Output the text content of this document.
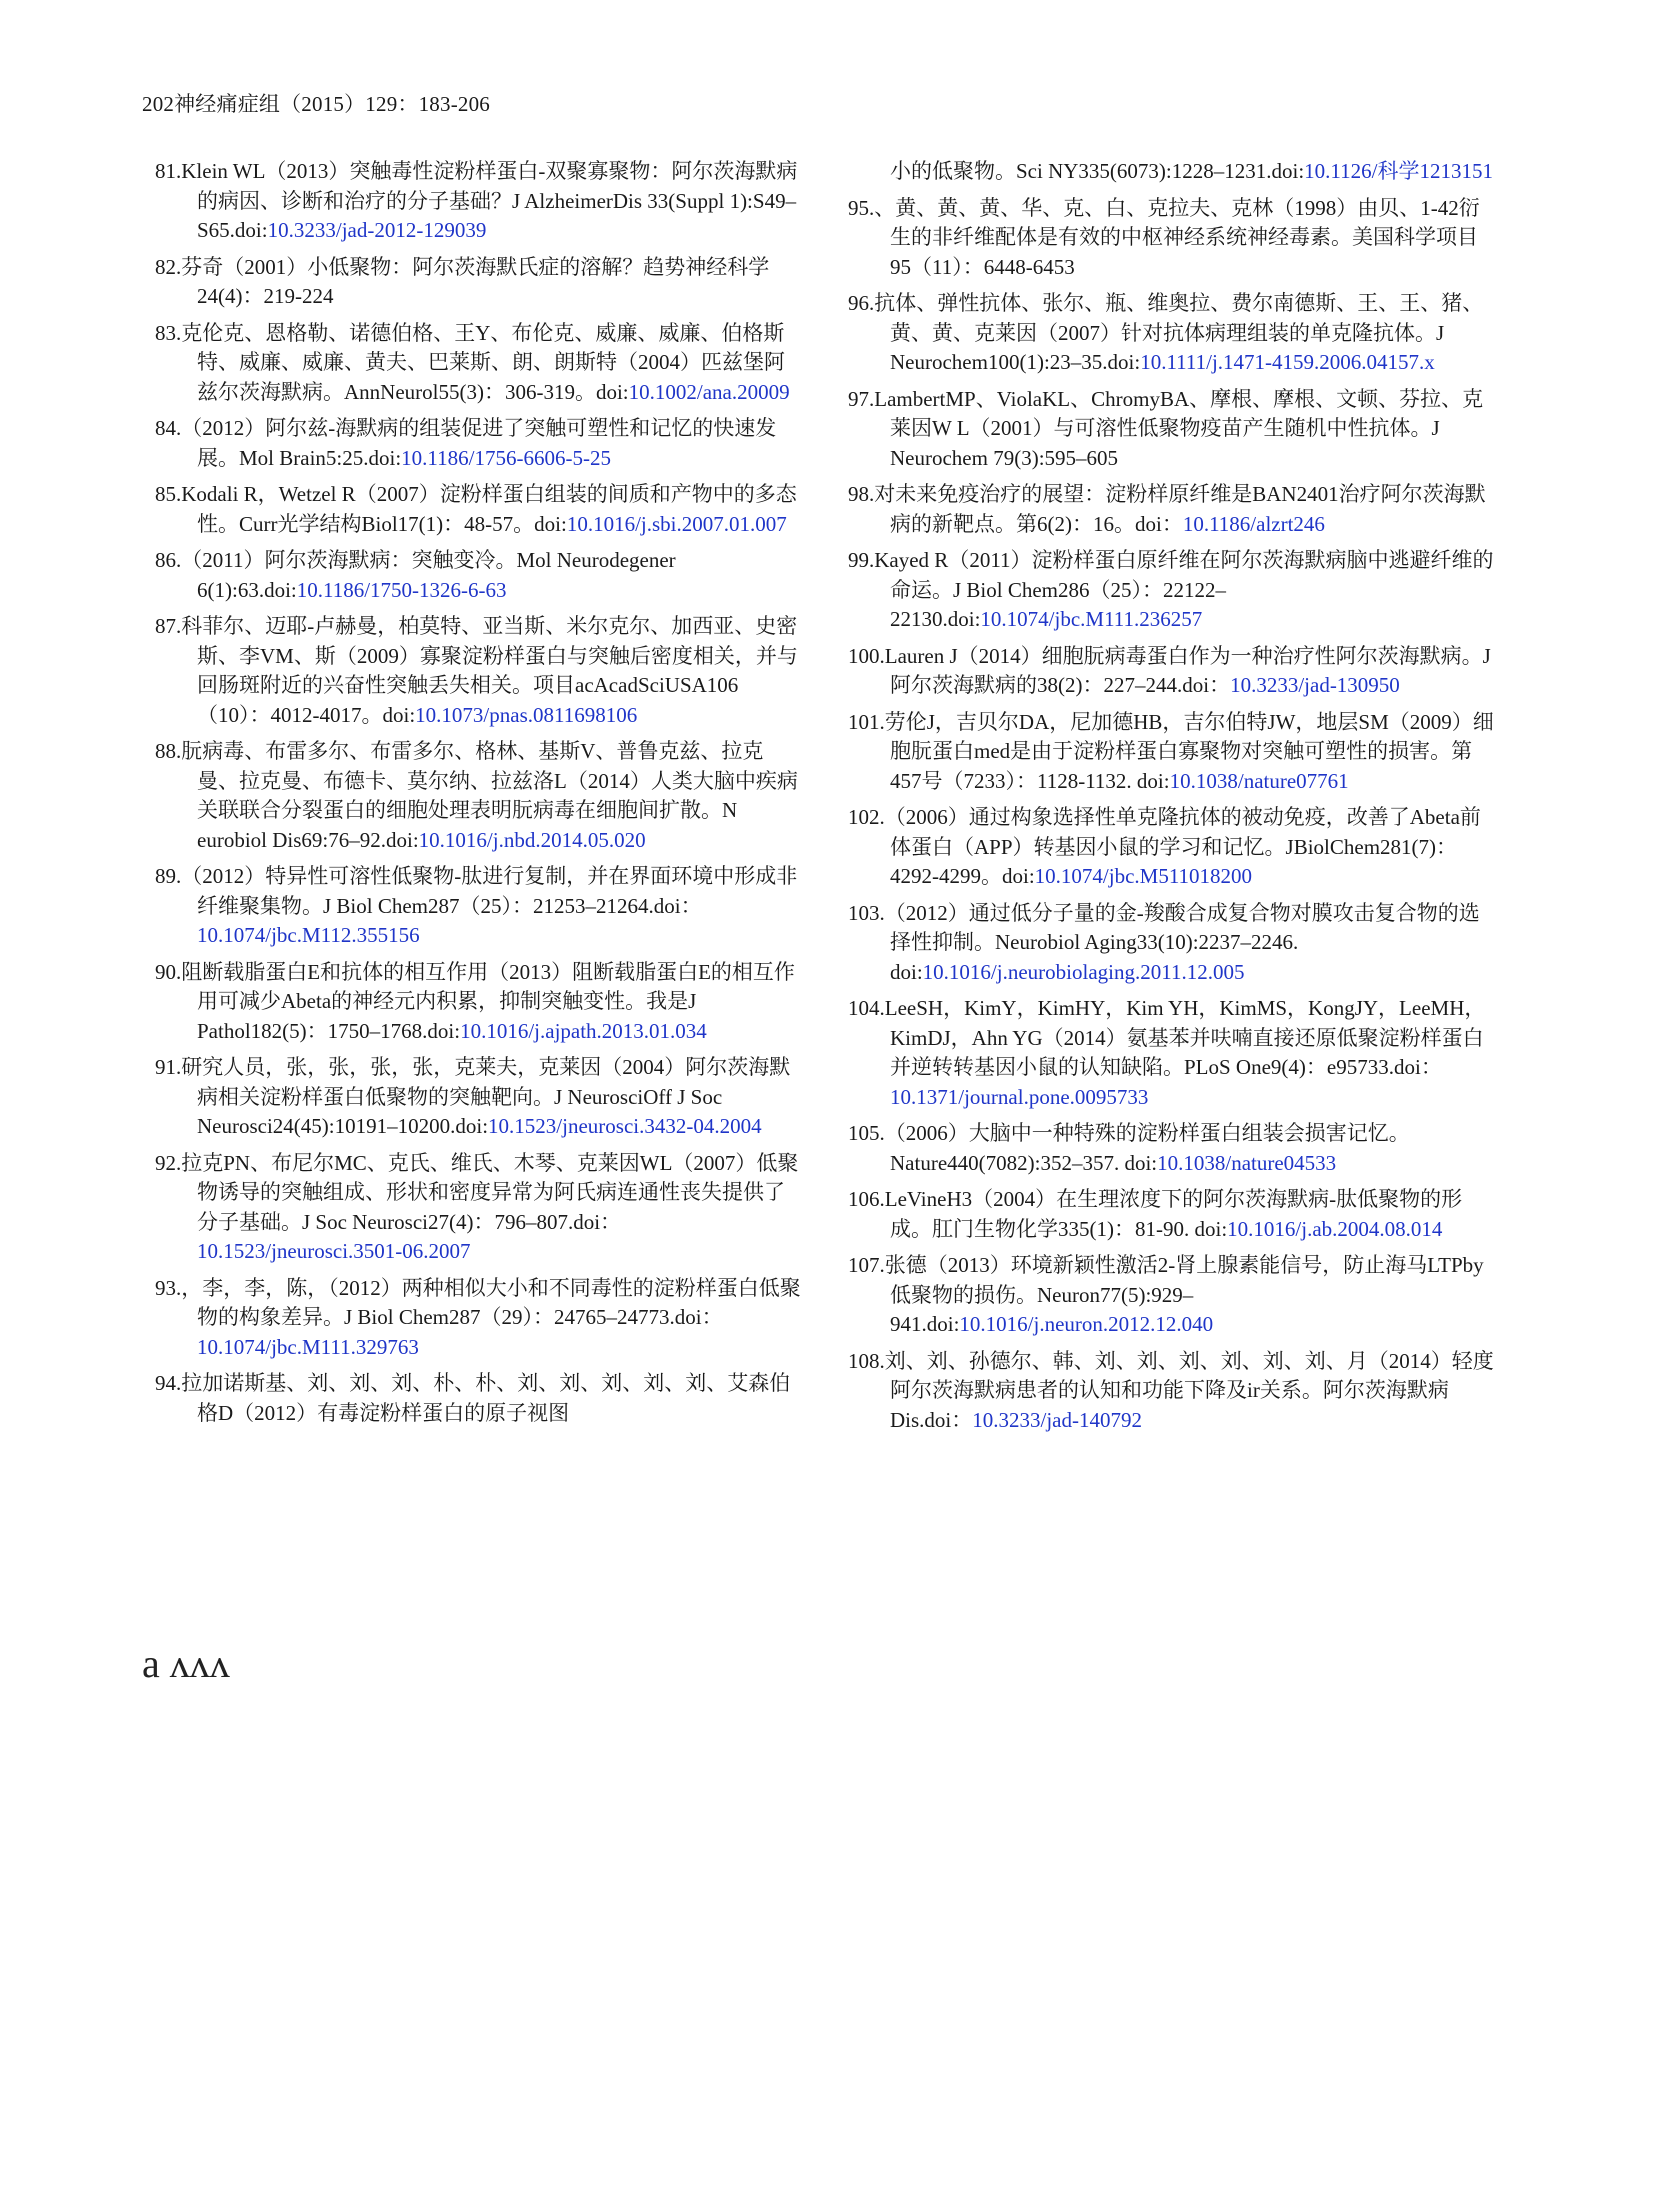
202神经痛症组（2015）129：183-206
81.Klein WL（2013）突触毒性淀粉样蛋白-双聚寡聚物：阿尔茨海默病的病因、诊断和治疗的分子基础？J AlzheimerDis 33(Suppl 1):S49–S65.doi:10.3233/jad-2012-129039
82.芬奇（2001）小低聚物：阿尔茨海默氏症的溶解？趋势神经科学24(4)：219-224
83.克伦克、恩格勒、诺德伯格、王Y、布伦克、威廉、威廉、伯格斯特、威廉、威廉、黄夫、巴莱斯、朗、朗斯特（2004）匹兹堡阿兹尔茨海默病。AnnNeurol55(3)：306-319。doi:10.1002/ana.20009
84.（2012）阿尔兹-海默病的组装促进了突触可塑性和记忆的快速发展。Mol Brain5:25.doi:10.1186/1756-6606-5-25
85.Kodali R，Wetzel R（2007）淀粉样蛋白组装的间质和产物中的多态性。Curr光学结构Biol17(1)：48-57。doi:10.1016/j.sbi.2007.01.007
86.（2011）阿尔茨海默病：突触变冷。Mol Neurodegener 6(1):63.doi:10.1186/1750-1326-6-63
87.科菲尔、迈耶-卢赫曼，柏莫特、亚当斯、米尔克尔、加西亚、史密斯、李VM、斯（2009）寡聚淀粉样蛋白与突触后密度相关，并与回肠斑附近的兴奋性突触丢失相关。项目acAcadSciUSA106（10）：4012-4017。doi:10.1073/pnas.0811698106
88.朊病毒、布雷多尔、布雷多尔、格林、基斯V、普鲁克兹、拉克曼、拉克曼、布德卡、莫尔纳、拉兹洛L（2014）人类大脑中疾病关联联合分裂蛋白的细胞处理表明朊病毒在细胞间扩散。N eurobiol Dis69:76–92.doi:10.1016/j.nbd.2014.05.020
89.（2012）特异性可溶性低聚物-肽进行复制，并在界面环境中形成非纤维聚集物。J Biol Chem287（25）：21253–21264.doi：10.1074/jbc.M112.355156
90.阻断载脂蛋白E和抗体的相互作用（2013）阻断载脂蛋白E的相互作用可减少Abeta的神经元内积累，抑制突触变性。我是J Pathol182(5)：1750–1768.doi:10.1016/j.ajpath.2013.01.034
91.研究人员，张，张，张，张，克莱夫，克莱因（2004）阿尔茨海默病相关淀粉样蛋白低聚物的突触靶向。J NeurosciOff J Soc Neurosci24(45):10191–10200.doi:10.1523/jneurosci.3432-04.2004
92.拉克PN、布尼尔MC、克氏、维氏、木琴、克莱因WL（2007）低聚物诱导的突触组成、形状和密度异常为阿氏病连通性丧失提供了分子基础。J Soc Neurosci27(4)：796–807.doi：10.1523/jneurosci.3501-06.2007
93.，李，李，陈，（2012）两种相似大小和不同毒性的淀粉样蛋白低聚物的构象差异。J Biol Chem287（29）：24765–24773.doi：10.1074/jbc.M111.329763
94.拉加诺斯基、刘、刘、刘、朴、朴、刘、刘、刘、刘、刘、艾森伯格D（2012）有毒淀粉样蛋白的原子视图
小的低聚物。Sci NY335(6073):1228–1231.doi:10.1126/科学1213151
95.、黄、黄、黄、华、克、白、克拉夫、克林（1998）由贝、1-42衍生的非纤维配体是有效的中枢神经系统神经毒素。美国科学项目95（11）：6448-6453
96.抗体、弹性抗体、张尔、瓶、维奥拉、费尔南德斯、王、王、猪、黄、黄、克莱因（2007）针对抗体病理组装的单克隆抗体。J Neurochem100(1):23–35.doi:10.1111/j.1471-4159.2006.04157.x
97.LambertMP、ViolaKL、ChromyBA、摩根、摩根、文顿、芬拉、克莱因W L（2001）与可溶性低聚物疫苗产生随机中性抗体。J Neurochem 79(3):595–605
98.对未来免疫治疗的展望：淀粉样原纤维是BAN2401治疗阿尔茨海默病的新靶点。第6(2)：16。doi：10.1186/alzrt246
99.Kayed R（2011）淀粉样蛋白原纤维在阿尔茨海默病脑中逃避纤维的命运。J Biol Chem286（25）：22122–22130.doi:10.1074/jbc.M111.236257
100.Lauren J（2014）细胞朊病毒蛋白作为一种治疗性阿尔茨海默病。J阿尔茨海默病的38(2)：227–244.doi：10.3233/jad-130950
101.劳伦J，吉贝尔DA，尼加德HB，吉尔伯特JW，地层SM（2009）细胞朊蛋白med是由于淀粉样蛋白寡聚物对突触可塑性的损害。第457号（7233）：1128-1132. doi:10.1038/nature07761
102.（2006）通过构象选择性单克隆抗体的被动免疫，改善了Abeta前体蛋白（APP）转基因小鼠的学习和记忆。JBiolChem281(7)：4292-4299。doi:10.1074/jbc.M511018200
103.（2012）通过低分子量的金-羧酸合成复合物对膜攻击复合物的选择性抑制。Neurobiol Aging33(10):2237–2246. doi:10.1016/j.neurobiolaging.2011.12.005
104.LeeSH，KimY，KimHY，Kim YH，KimMS，KongJY，LeeMH，KimDJ，Ahn YG（2014）氨基苯并呋喃直接还原低聚淀粉样蛋白并逆转转基因小鼠的认知缺陷。PLoS One9(4)：e95733.doi：10.1371/journal.pone.0095733
105.（2006）大脑中一种特殊的淀粉样蛋白组装会损害记忆。Nature440(7082):352–357. doi:10.1038/nature04533
106.LeVineH3（2004）在生理浓度下的阿尔茨海默病-肽低聚物的形成。肛门生物化学335(1)：81-90. doi:10.1016/j.ab.2004.08.014
107.张德（2013）环境新颖性激活2-肾上腺素能信号，防止海马LTPby低聚物的损伤。Neuron77(5):929–941.doi:10.1016/j.neuron.2012.12.040
108.刘、刘、孙德尔、韩、刘、刘、刘、刘、刘、刘、月（2014）轻度阿尔茨海默病患者的认知和功能下降及ir关系。阿尔茨海默病Dis.doi：10.3233/jad-140792
a ʌʌʌ
